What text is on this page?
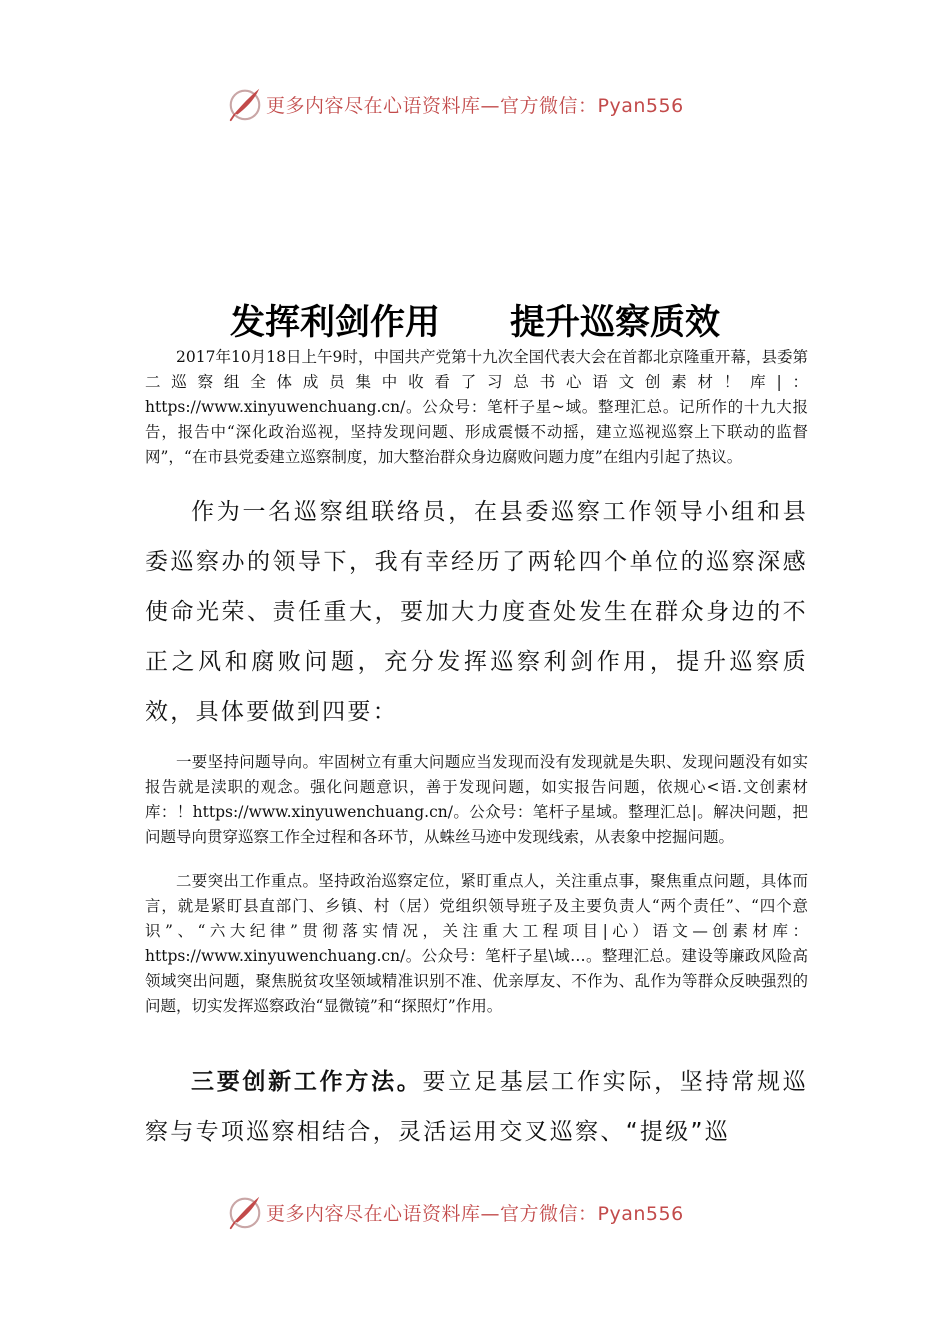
更多内容尽在心语资料库—官方微信：Pyan556
发挥利剑作用　　提升巡察质效

2017年10月18日上午9时，中国共产党第十九次全国代表大会在首都北京隆重开幕，县委第二巡察组全体成员集中收看了习总书心语文创素材！库|：https://www.xinyuwenchuang.cn/。公众号：笔杆子星~域。整理汇总。记所作的十九大报告，报告中“深化政治巡视，坚持发现问题、形成震慑不动摇，建立巡视巡察上下联动的监督网”，“在市县党委建立巡察制度，加大整治群众身边腐败问题力度”在组内引起了热议。

作为一名巡察组联络员，在县委巡察工作领导小组和县委巡察办的领导下，我有幸经历了两轮四个单位的巡察深感使命光荣、责任重大，要加大力度查处发生在群众身边的不正之风和腐败问题，充分发挥巡察利剑作用，提升巡察质效，具体要做到四要：

一要坚持问题导向。牢固树立有重大问题应当发现而没有发现就是失职、发现问题没有如实报告就是渎职的观念。强化问题意识，善于发现问题，如实报告问题，依规心<语.文创素材库：！https://www.xinyuwenchuang.cn/。公众号：笔杆子星域。整理汇总|。解决问题，把问题导向贯穿巡察工作全过程和各环节，从蛛丝马迹中发现线索，从表象中挖掘问题。

二要突出工作重点。坚持政治巡察定位，紧盯重点人，关注重点事，聚焦重点问题，具体而言，就是紧盯县直部门、乡镇、村（居）党组织领导班子及主要负责人“两个责任”、“四个意识”、“六大纪律”贯彻落实情况，关注重大工程项目|心）语文—创素材库：https://www.xinyuwenchuang.cn/。公众号：笔杆子星\域…。整理汇总。建设等廉政风险高领域突出问题，聚焦脱贫攻坚领域精准识别不准、优亲厚友、不作为、乱作为等群众反映强烈的问题，切实发挥巡察政治“显微镜”和“探照灯”作用。

三要创新工作方法。要立足基层工作实际，坚持常规巡察与专项巡察相结合，灵活运用交叉巡察、“提级”巡

更多内容尽在心语资料库—官方微信：Pyan556
